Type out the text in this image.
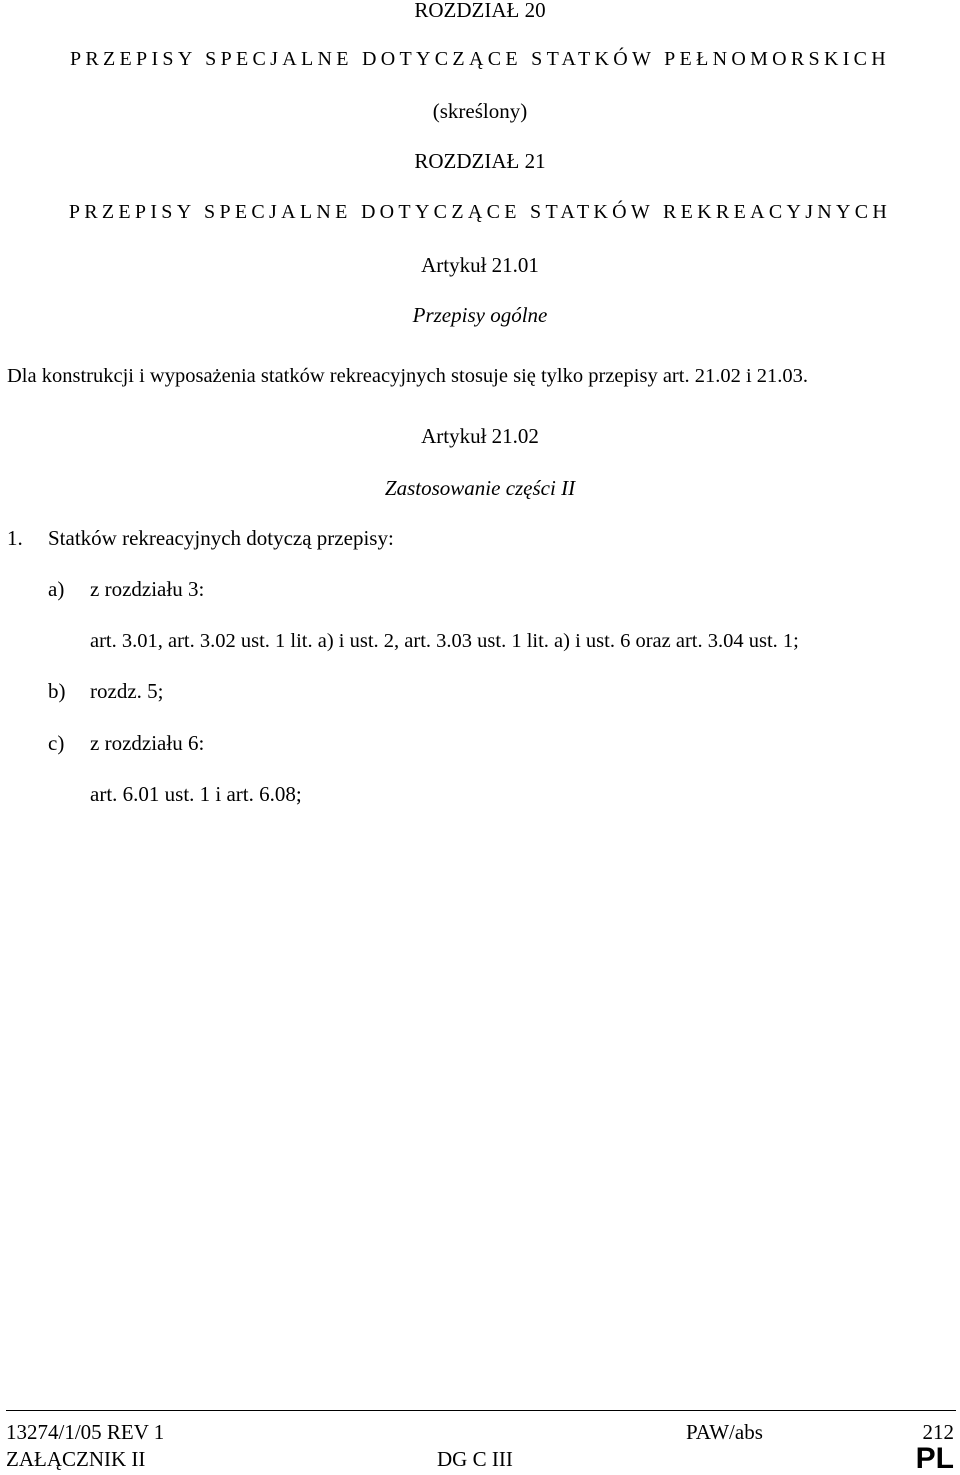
ROZDZIAŁ 20
PRZEPISY SPECJALNE DOTYCZĄCE STATKÓW PEŁNOMORSKICH
(skreślony)
ROZDZIAŁ 21
PRZEPISY SPECJALNE DOTYCZĄCE STATKÓW REKREACYJNYCH
Artykuł 21.01
Przepisy ogólne
Dla konstrukcji i wyposażenia statków rekreacyjnych stosuje się tylko przepisy art. 21.02 i 21.03.
Artykuł 21.02
Zastosowanie części II
1. Statków rekreacyjnych dotyczą przepisy:
a) z rozdziału 3:
art. 3.01, art. 3.02 ust. 1 lit. a) i ust. 2, art. 3.03 ust. 1 lit. a) i ust. 6 oraz art. 3.04 ust. 1;
b) rozdz. 5;
c) z rozdziału 6:
art. 6.01 ust. 1 i art. 6.08;
13274/1/05 REV 1	PAW/abs	212
ZAŁĄCZNIK II	DG C III	PL
